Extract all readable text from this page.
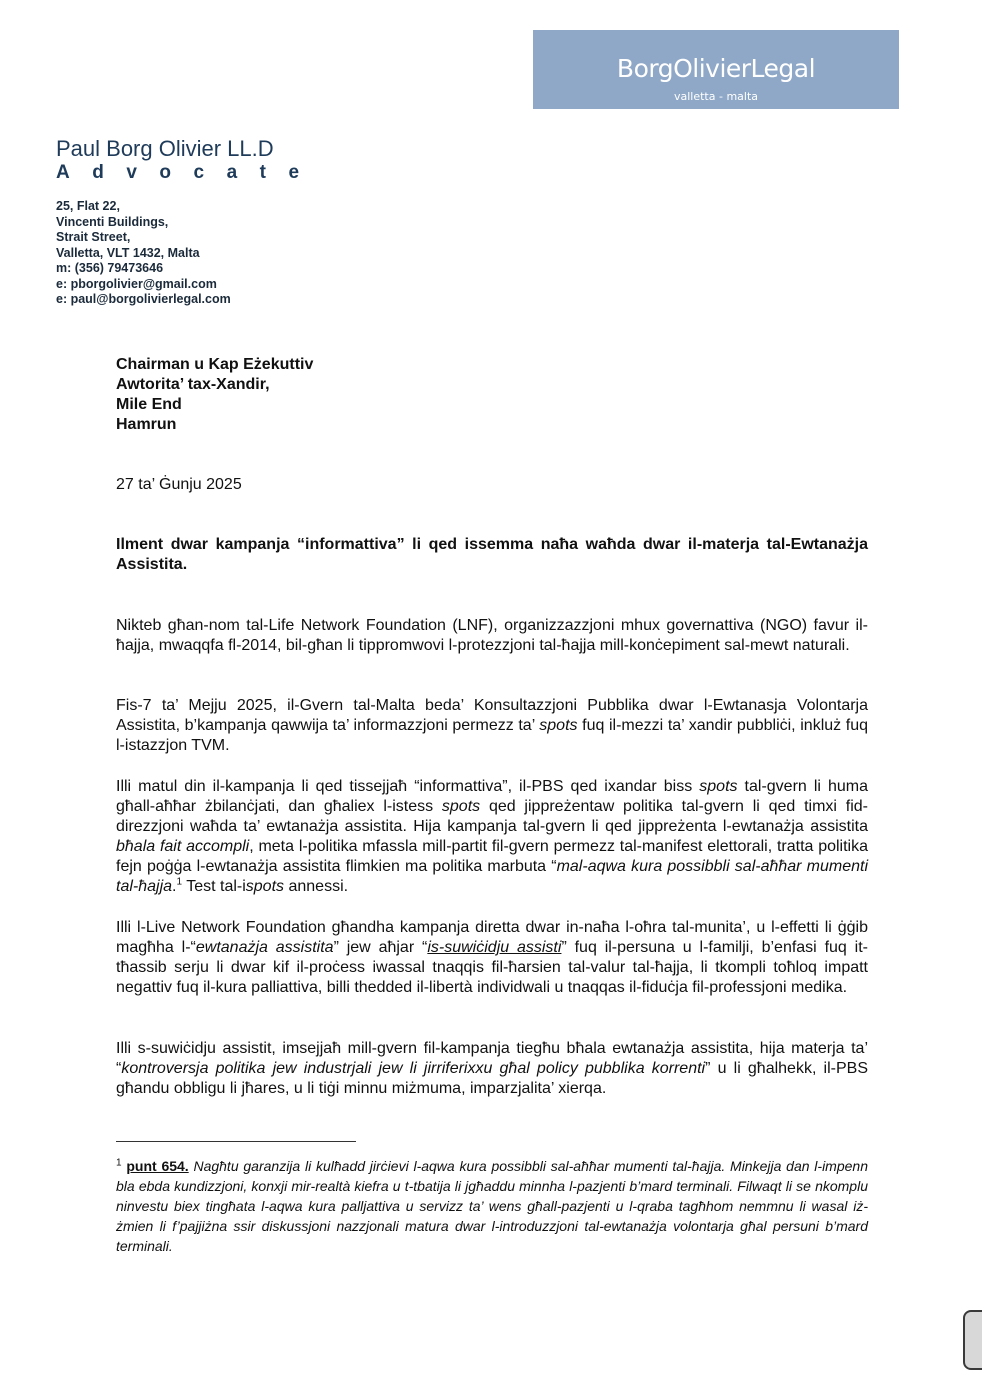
BorgOlivierLegal
valletta - malta
Paul Borg Olivier LL.D
Advocate
25, Flat 22,
Vincenti Buildings,
Strait Street,
Valletta, VLT 1432, Malta
m: (356) 79473646
e: pborgolivier@gmail.com
e: paul@borgolivierlegal.com
Chairman u Kap Eżekuttiv
Awtorita’ tax-Xandir,
Mile End
Hamrun
27 ta’ Ġunju 2025
Ilment dwar kampanja “informattiva” li qed issemma naħa waħda dwar il-materja tal-Ewtanażja Assistita.
Nikteb għan-nom tal-Life Network Foundation (LNF), organizzazzjoni mhux governattiva (NGO) favur il-ħajja, mwaqqfa fl-2014, bil-għan li tippromwovi l-protezzjoni tal-ħajja mill-konċepiment sal-mewt naturali.
Fis-7 ta’ Mejju 2025, il-Gvern tal-Malta beda’ Konsultazzjoni Pubblika dwar l-Ewtanasja Volontarja Assistita, b’kampanja qawwija ta’ informazzjoni permezz ta’ spots fuq il-mezzi ta’ xandir pubbliċi, inkluż fuq l-istazzjon TVM.
Illi matul din il-kampanja li qed tissejjaħ “informattiva”, il-PBS qed ixandar biss spots tal-gvern li huma għall-aħħar żbilanċjati, dan għaliex l-istess spots qed jippreżentaw politika tal-gvern li qed timxi fid-direzzjoni waħda ta’ ewtanażja assistita. Hija kampanja tal-gvern li qed jippreżenta l-ewtanażja assistita bħala fait accompli, meta l-politika mfassla mill-partit fil-gvern permezz tal-manifest elettorali, tratta politika fejn poġġa l-ewtanażja assistita flimkien ma politika marbuta “mal-aqwa kura possibbli sal-aħħar mumenti tal-ħajja.$^1$ Test tal-ispots annessi.
Illi l-Live Network Foundation għandha kampanja diretta dwar in-naħa l-oħra tal-munita’, u l-effetti li ġġib magħha l-“ewtanażja assistita” jew aħjar “is-suwiċidju assisti” fuq il-persuna u l-familji, b’enfasi fuq it-tħassib serju li dwar kif il-proċess iwassal tnaqqis fil-ħarsien tal-valur tal-ħajja, li tkompli toħloq impatt negattiv fuq il-kura palliattiva, billi thedded il-libertà individwali u tnaqqas il-fiduċja fil-professjoni medika.
Illi s-suwiċidju assistit, imsejjaħ mill-gvern fil-kampanja tiegħu bħala ewtanażja assistita, hija materja ta’ “kontroversja politika jew industrjali jew li jirriferixxu għal policy pubblika korrenti” u li għalhekk, il-PBS għandu obbligu li jħares, u li tiġi minnu miżmuma, imparzjalita’ xierqa.
$^1$ punt 654. Nagħtu garanzija li kulħadd jirċievi l-aqwa kura possibbli sal-aħħar mumenti tal-ħajja. Minkejja dan l-impenn bla ebda kundizzjoni, konxji mir-realtà kiefra u t-tbatija li jgħaddu minnha l-pazjenti b’mard terminali. Filwaqt li se nkomplu ninvestu biex tingħata l-aqwa kura palljattiva u servizz ta’ wens għall-pazjenti u l-qraba tagħhom nemmnu li wasal iż-żmien li f’pajjiżna ssir diskussjoni nazzjonali matura dwar l-introduzzjoni tal-ewtanażja volontarja għal persuni b’mard terminali.
